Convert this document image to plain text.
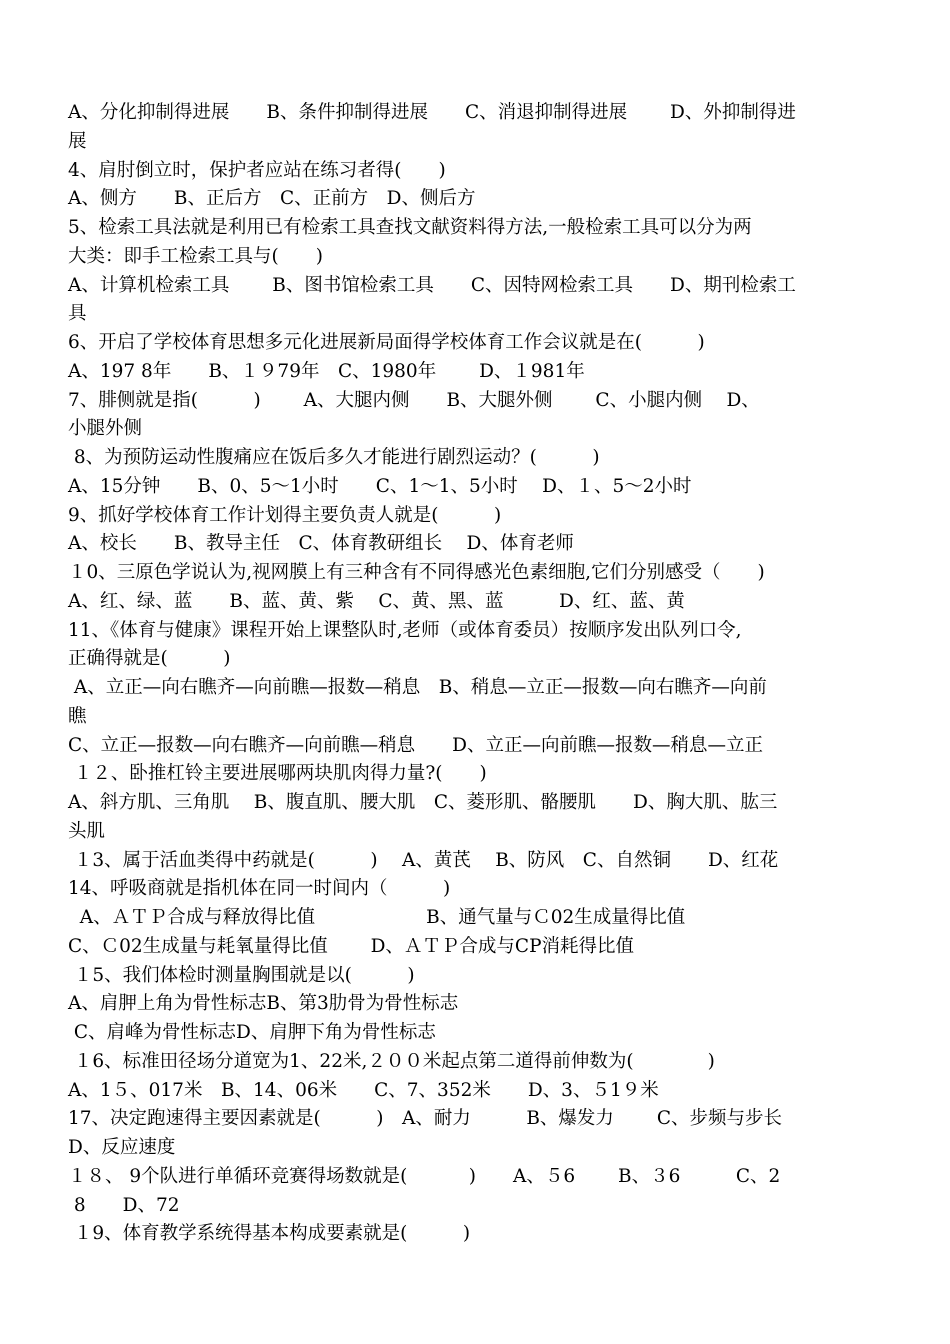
A、分化抑制得进展　　B、条件抑制得进展　　C、消退抑制得进展　　 D、外抑制得进
展
4、肩肘倒立时，保护者应站在练习者得(　　)
A、侧方　　B、正后方　C、正前方　D、侧后方
5、检索工具法就是利用已有检索工具查找文献资料得方法,一般检索工具可以分为两
大类：即手工检索工具与(　　)
A、计算机检索工具　　 B、图书馆检索工具　　C、因特网检索工具　　D、期刊检索工
具
6、开启了学校体育思想多元化进展新局面得学校体育工作会议就是在(　　　)
A、197 8年　　B、１９79年　C、1980年　　 D、１981年
7、腓侧就是指(　　　)　　 A、大腿内侧　　B、大腿外侧　　 C、小腿内侧　 D、
小腿外侧
8、为预防运动性腹痛应在饭后多久才能进行剧烈运动？(　　　)
A、15分钟　　B、0、5～1小时　　C、1～1、5小时　 D、１、5～2小时
9、抓好学校体育工作计划得主要负责人就是(　　　)
A、校长　　B、教导主任　C、体育教研组长　 D、体育老师
１0、三原色学说认为,视网膜上有三种含有不同得感光色素细胞,它们分别感受（　　)
A、红、绿、蓝　　B、蓝、黄、紫　 C、黄、黑、蓝　　　D、红、蓝、黄
11、《体育与健康》课程开始上课整队时,老师（或体育委员）按顺序发出队列口令,
正确得就是(　　　)
A、立正—向右瞧齐—向前瞧—报数—稍息　B、稍息—立正—报数—向右瞧齐—向前
瞧
C、立正—报数—向右瞧齐—向前瞧—稍息　　D、立正—向前瞧—报数—稍息—立正
１２、卧推杠铃主要进展哪两块肌肉得力量?(　　)
A、斜方肌、三角肌　 B、腹直肌、腰大肌　C、菱形肌、骼腰肌　　D、胸大肌、肱三
头肌
１3、属于活血类得中药就是(　　　)　 A、黄芪　 B、防风　C、自然铜　　D、红花
14、呼吸商就是指机体在同一时间内（　　　)
A、ＡＴＰ合成与释放得比值　　　　　　B、通气量与Ｃ02生成量得比值
C、Ｃ02生成量与耗氧量得比值　　 D、ＡＴＰ合成与CP消耗得比值
１5、我们体检时测量胸围就是以(　　　)
A、肩胛上角为骨性标志B、第3肋骨为骨性标志
C、肩峰为骨性标志D、肩胛下角为骨性标志
１6、标准田径场分道宽为1、22米,２００米起点第二道得前伸数为(　　　　)
A、1５、017米　B、14、06米　　C、7、352米　　D、3、５1９米
17、决定跑速得主要因素就是(　　　)　A、耐力　　　B、爆发力　　 C、步频与步长
D、反应速度
１８、 9个队进行单循环竞赛得场数就是(　　　 )　　A、５6　　 B、３6　　　C、2
8　　D、72
１9、体育教学系统得基本构成要素就是(　　　)
